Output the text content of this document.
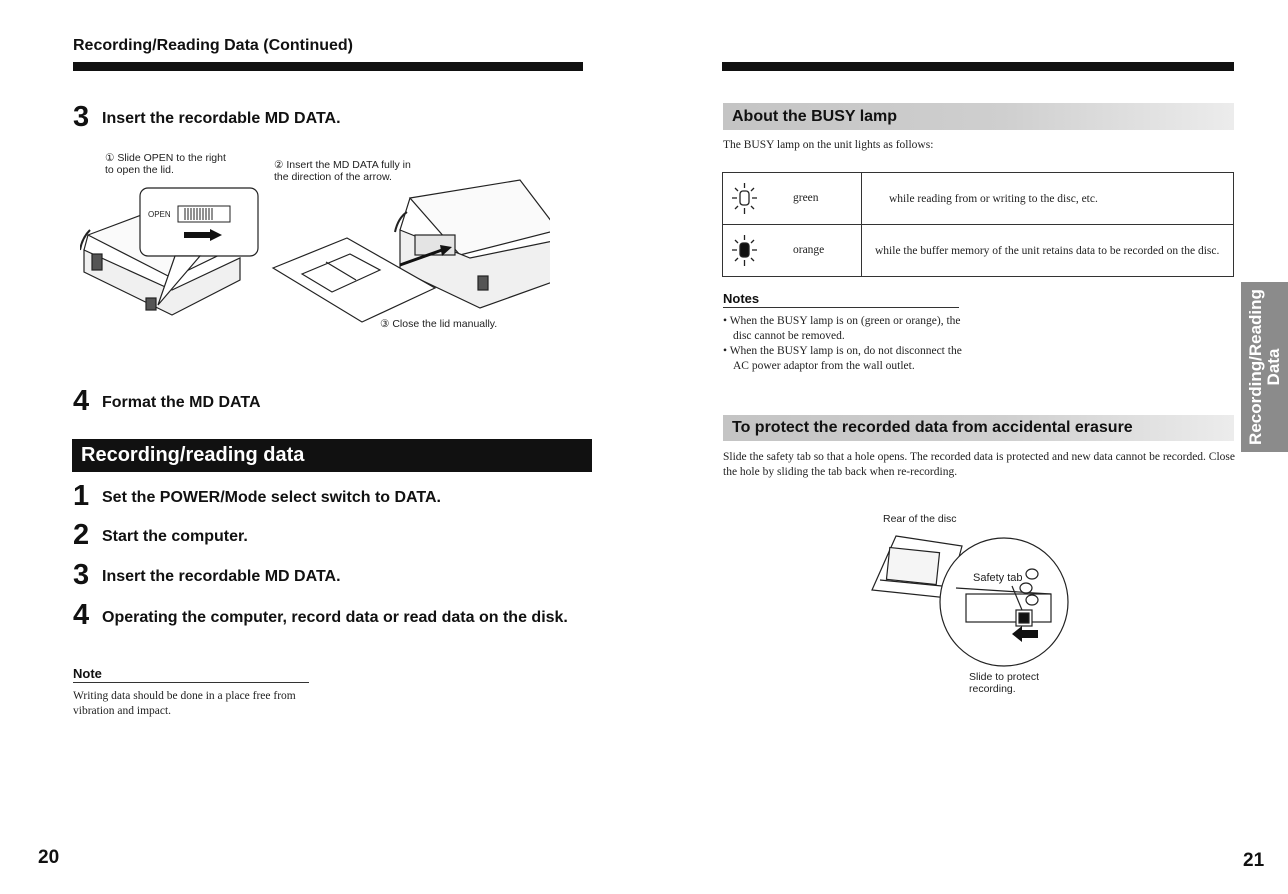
Recording/Reading Data (Continued)
3 Insert the recordable MD DATA.
① Slide OPEN to the right to open the lid.	② Insert the MD DATA fully in the direction of the arrow.
③ Close the lid manually.
OPEN
4 Format the MD DATA
Recording/reading data
1 Set the POWER/Mode select switch to DATA.
2 Start the computer.
3 Insert the recordable MD DATA.
4 Operating the computer, record data or read data on the disk.
Note
Writing data should be done in a place free from vibration and impact.
20
About the BUSY lamp
The BUSY lamp on the unit lights as follows:
green	while reading from or writing to the disc, etc.

orange	while the buffer memory of the unit retains data to be recorded on the disc.
Notes
• When the BUSY lamp is on (green or orange), the disc cannot be removed.
• When the BUSY lamp is on, do not disconnect the AC power adaptor from the wall outlet.
To protect the recorded data from accidental erasure
Slide the safety tab so that a hole opens. The recorded data is protected and new data cannot be recorded. Close the hole by sliding the tab back when re-recording.
Rear of the disc
Safety tab
Slide to protect recording.
Recording/Reading Data
21
